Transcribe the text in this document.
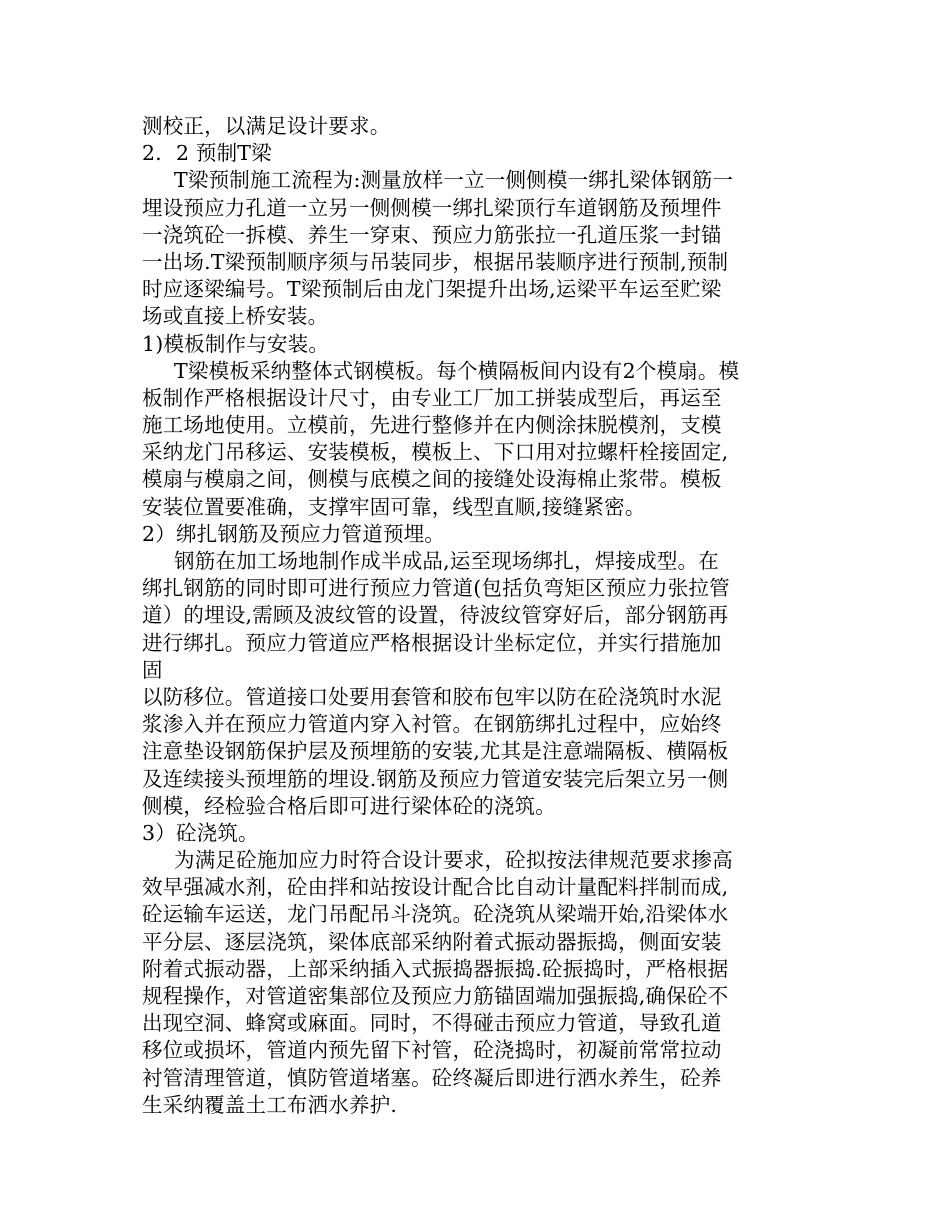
测校正，以满足设计要求。
2．2 预制T梁
T梁预制施工流程为:测量放样一立一侧侧模一绑扎梁体钢筋一
埋设预应力孔道一立另一侧侧模一绑扎梁顶行车道钢筋及预埋件
一浇筑砼一拆模、养生一穿束、预应力筋张拉一孔道压浆一封锚
一出场.T梁预制顺序须与吊装同步，根据吊装顺序进行预制,预制
时应逐梁编号。T梁预制后由龙门架提升出场,运梁平车运至贮梁
场或直接上桥安装。
1)模板制作与安装。
T梁模板采纳整体式钢模板。每个横隔板间内设有2个模扇。模
板制作严格根据设计尺寸，由专业工厂加工拼装成型后，再运至
施工场地使用。立模前，先进行整修并在内侧涂抹脱模剂，支模
采纳龙门吊移运、安装模板，模板上、下口用对拉螺杆栓接固定,
模扇与模扇之间，侧模与底模之间的接缝处设海棉止浆带。模板
安装位置要准确，支撑牢固可靠，线型直顺,接缝紧密。
2）绑扎钢筋及预应力管道预埋。
钢筋在加工场地制作成半成品,运至现场绑扎，焊接成型。在
绑扎钢筋的同时即可进行预应力管道(包括负弯矩区预应力张拉管
道）的埋设,需顾及波纹管的设置，待波纹管穿好后，部分钢筋再
进行绑扎。预应力管道应严格根据设计坐标定位，并实行措施加
固
以防移位。管道接口处要用套管和胶布包牢以防在砼浇筑时水泥
浆渗入并在预应力管道内穿入衬管。在钢筋绑扎过程中，应始终
注意垫设钢筋保护层及预埋筋的安装,尤其是注意端隔板、横隔板
及连续接头预埋筋的埋设.钢筋及预应力管道安装完后架立另一侧
侧模，经检验合格后即可进行梁体砼的浇筑。
3）砼浇筑。
为满足砼施加应力时符合设计要求，砼拟按法律规范要求掺高
效早强减水剂，砼由拌和站按设计配合比自动计量配料拌制而成,
砼运输车运送，龙门吊配吊斗浇筑。砼浇筑从梁端开始,沿梁体水
平分层、逐层浇筑，梁体底部采纳附着式振动器振捣，侧面安装
附着式振动器，上部采纳插入式振捣器振捣.砼振捣时，严格根据
规程操作，对管道密集部位及预应力筋锚固端加强振捣,确保砼不
出现空洞、蜂窝或麻面。同时，不得碰击预应力管道，导致孔道
移位或损坏，管道内预先留下衬管，砼浇捣时，初凝前常常拉动
衬管清理管道，慎防管道堵塞。砼终凝后即进行洒水养生，砼养
生采纳覆盖土工布洒水养护.
